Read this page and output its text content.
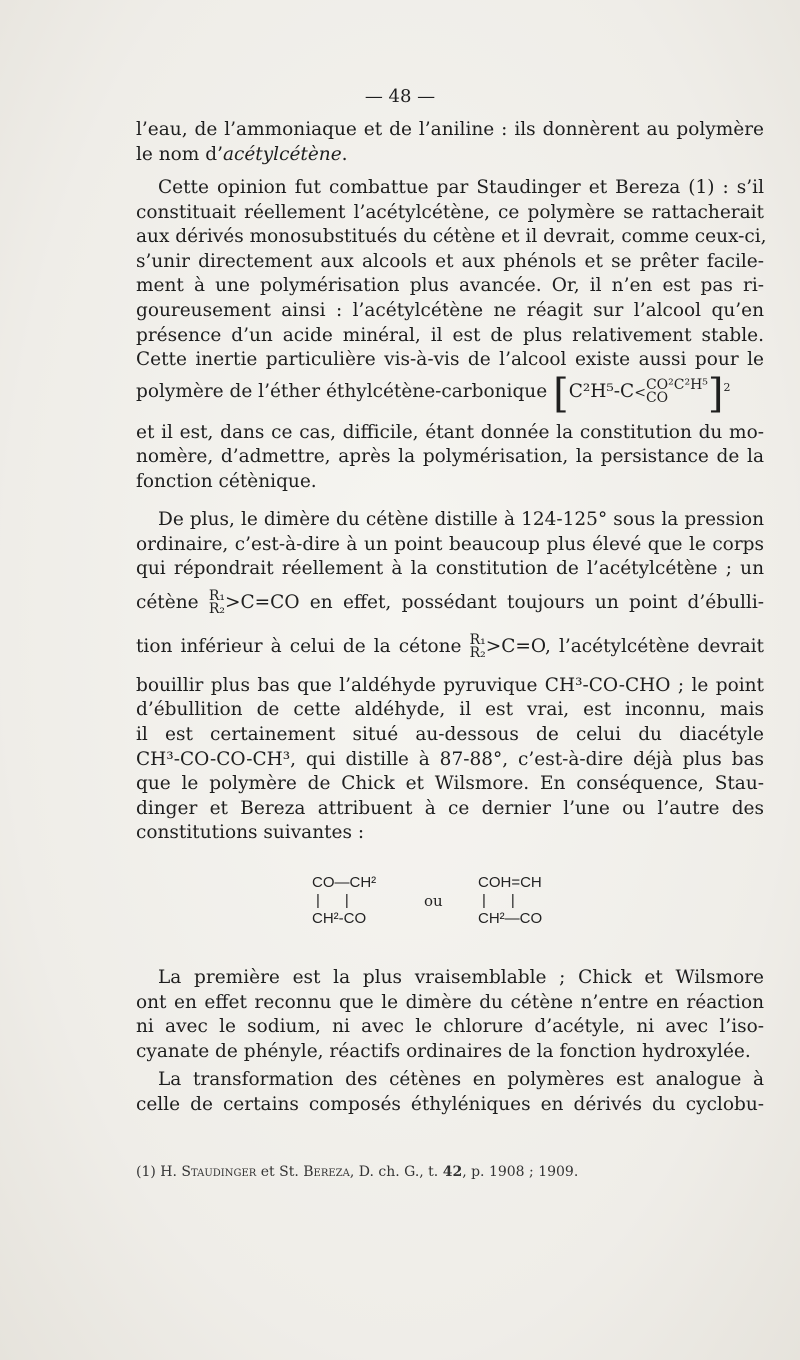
— 48 —
l’eau, de l’ammoniaque et de l’aniline : ils donnèrent au polymère
le nom d’acétylcétène.
Cette opinion fut combattue par Staudinger et Bereza (1) : s’il
constituait réellement l’acétylcétène, ce polymère se rattacherait
aux dérivés monosubstitués du cétène et il devrait, comme ceux-ci,
s’unir directement aux alcools et aux phénols et se prêter facile-
ment à une polymérisation plus avancée. Or, il n’en est pas ri-
goureusement ainsi : l’acétylcétène ne réagit sur l’alcool qu’en
présence d’un acide minéral, il est de plus relativement stable.
Cette inertie particulière vis-à-vis de l’alcool existe aussi pour le
polymère de l’éther éthylcétène-carbonique [C²H⁵-C<CO²C²H⁵
CO ]$^2$
et il est, dans ce cas, difficile, étant donnée la constitution du mo-
nomère, d’admettre, après la polymérisation, la persistance de la
fonction cétènique.
De plus, le dimère du cétène distille à 124-125° sous la pression
ordinaire, c’est-à-dire à un point beaucoup plus élevé que le corps
qui répondrait réellement à la constitution de l’acétylcétène ; un
cétène R₁
R₂>C=CO en effet, possédant toujours un point d’ébulli-
tion inférieur à celui de la cétone R₁
R₂>C=O, l’acétylcétène devrait
bouillir plus bas que l’aldéhyde pyruvique CH³-CO-CHO ; le point
d’ébullition de cette aldéhyde, il est vrai, est inconnu, mais
il est certainement situé au-dessous de celui du diacétyle
CH³-CO-CO-CH³, qui distille à 87-88°, c’est-à-dire déjà plus bas
que le polymère de Chick et Wilsmore. En conséquence, Stau-
dinger et Bereza attribuent à ce dernier l’une ou l’autre des
constitutions suivantes :
CO—CH²
|      |
CH²-CO
ou
COH=CH
|      |
CH²—CO
La première est la plus vraisemblable ; Chick et Wilsmore
ont en effet reconnu que le dimère du cétène n’entre en réaction
ni avec le sodium, ni avec le chlorure d’acétyle, ni avec l’iso-
cyanate de phényle, réactifs ordinaires de la fonction hydroxylée.
La transformation des cétènes en polymères est analogue à
celle de certains composés éthyléniques en dérivés du cyclobu-
(1) H. Staudinger et St. Bereza, D. ch. G., t. 42, p. 1908 ; 1909.
